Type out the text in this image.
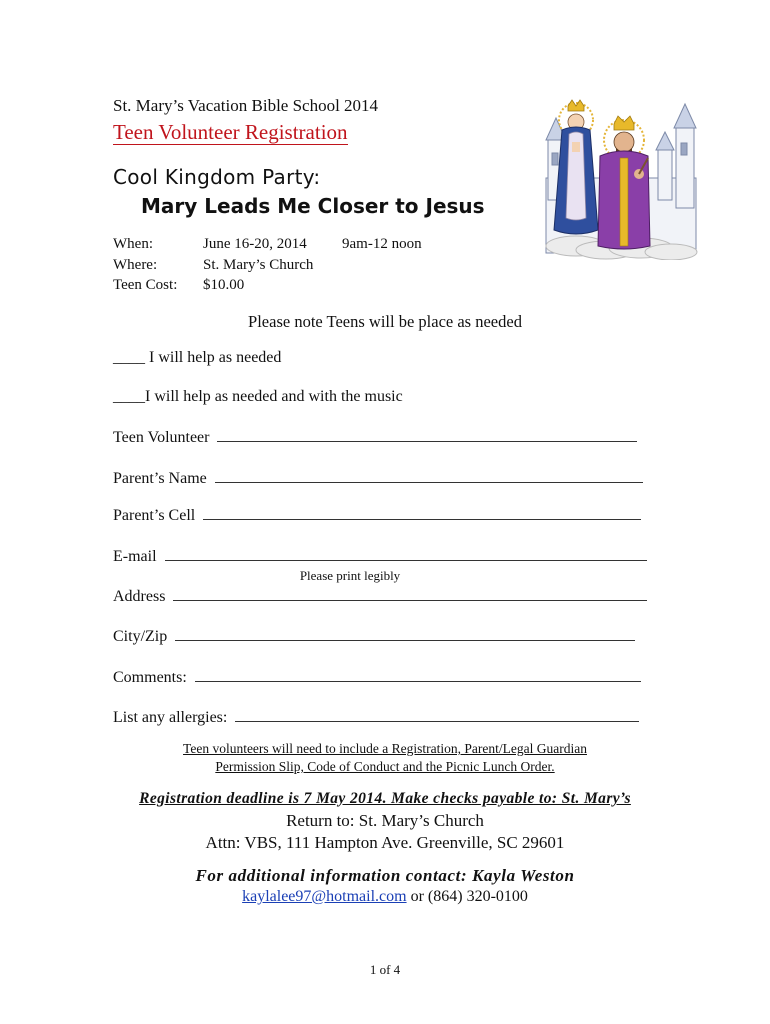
St. Mary’s Vacation Bible School 2014
Teen Volunteer Registration
Cool Kingdom Party:
Mary Leads Me Closer to Jesus
When:	June 16-20, 2014 9am-12 noon
Where:	St. Mary’s Church
Teen Cost: $10.00
Please note Teens will be place as needed
____ I will help as needed
____I will help as needed and with the music
Teen Volunteer
Parent’s Name
Parent’s Cell
E-mail
Please print legibly
Address
City/Zip
Comments:
List any allergies:
Teen volunteers will need to include a Registration, Parent/Legal Guardian
Permission Slip, Code of Conduct and the Picnic Lunch Order.
Registration deadline is 7 May 2014. Make checks payable to: St. Mary’s
Return to: St. Mary’s Church
Attn: VBS, 111 Hampton Ave. Greenville, SC 29601
For additional information contact: Kayla Weston
kaylalee97@hotmail.com or (864) 320-0100
1 of 4
